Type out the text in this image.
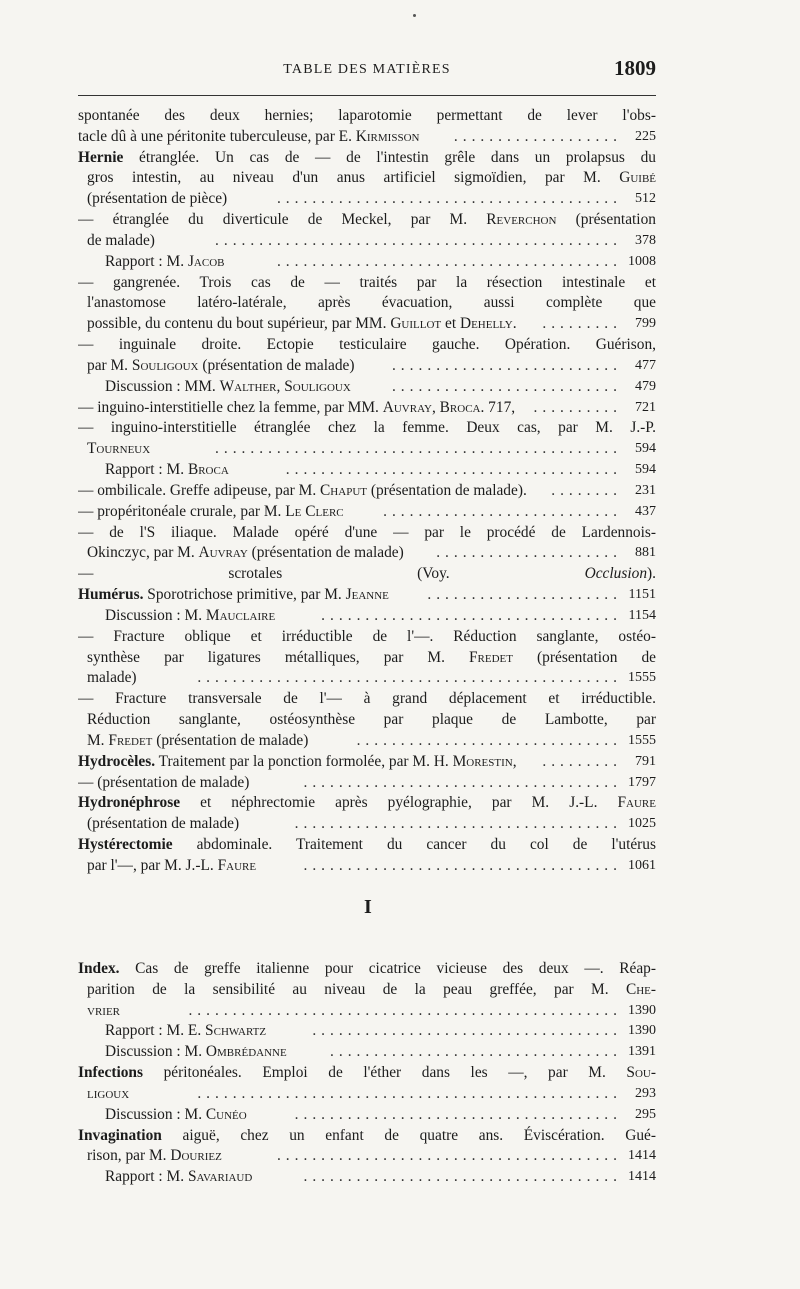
TABLE DES MATIÈRES	1809
spontanée des deux hernies; laparotomie permettant de lever l'obs-
tacle dû à une péritonite tuberculeuse, par E. Kirmisson ................... 225
Hernie étranglée. Un cas de — de l'intestin grêle dans un prolapsus du
gros intestin, au niveau d'un anus artificiel sigmoïdien, par M. Guibé
(présentation de pièce)	....................................... 512
— étranglée du diverticule de Meckel, par M. Reverchon (présentation
de malade)	.............................................. 378
Rapport : M. Jacob	....................................... 1008
— gangrenée. Trois cas de — traités par la résection intestinale et
l'anastomose latéro-latérale, après évacuation, aussi complète que
possible, du contenu du bout supérieur, par MM. Guillot et Dehelly. ......... 799
— inguinale droite. Ectopie testiculaire gauche. Opération. Guérison,
par M. Souligoux (présentation de malade) .......................... 477
Discussion : MM. Walther, Souligoux	.......................... 479
— inguino-interstitielle chez la femme, par MM. Auvray, Broca. 717, .......... 721
— inguino-interstitielle étranglée chez la femme. Deux cas, par M. J.-P.
Tourneux	.............................................. 594
Rapport : M. Broca	...................................... 594
— ombilicale. Greffe adipeuse, par M. Chaput (présentation de malade). ........ 231
— propéritonéale crurale, par M. Le Clerc	........................... 437
— de l'S iliaque. Malade opéré d'une — par le procédé de Lardennois-
Okinczyc, par M. Auvray (présentation de malade) ..................... 881
— scrotales (Voy. Occlusion).
Humérus. Sporotrichose primitive, par M. Jeanne ...................... 1151
Discussion : M. Mauclaire	.................................. 1154
— Fracture oblique et irréductible de l'—. Réduction sanglante, ostéo-
synthèse par ligatures métalliques, par M. Fredet (présentation de
malade)	................................................ 1555
— Fracture transversale de l'— à grand déplacement et irréductible.
Réduction sanglante, ostéosynthèse par plaque de Lambotte, par
M. Fredet (présentation de malade)	.............................. 1555
Hydrocèles. Traitement par la ponction formolée, par M. H. Morestin, ......... 791
— (présentation de malade)	.................................... 1797
Hydronéphrose et néphrectomie après pyélographie, par M. J.-L. Faure
(présentation de malade)	..................................... 1025
Hystérectomie abdominale. Traitement du cancer du col de l'utérus
par l'—, par M. J.-L. Faure	.................................... 1061
I
Index. Cas de greffe italienne pour cicatrice vicieuse des deux —. Réap-
parition de la sensibilité au niveau de la peau greffée, par M. Che-
vrier	................................................. 1390
Rapport : M. E. Schwartz	................................... 1390
Discussion : M. Ombrédanne	................................. 1391
Infections péritonéales. Emploi de l'éther dans les —, par M. Sou-
ligoux	................................................ 293
Discussion : M. Cunéo	..................................... 295
Invagination aiguë, chez un enfant de quatre ans. Éviscération. Gué-
rison, par M. Douriez	....................................... 1414
Rapport : M. Savariaud	.................................... 1414
